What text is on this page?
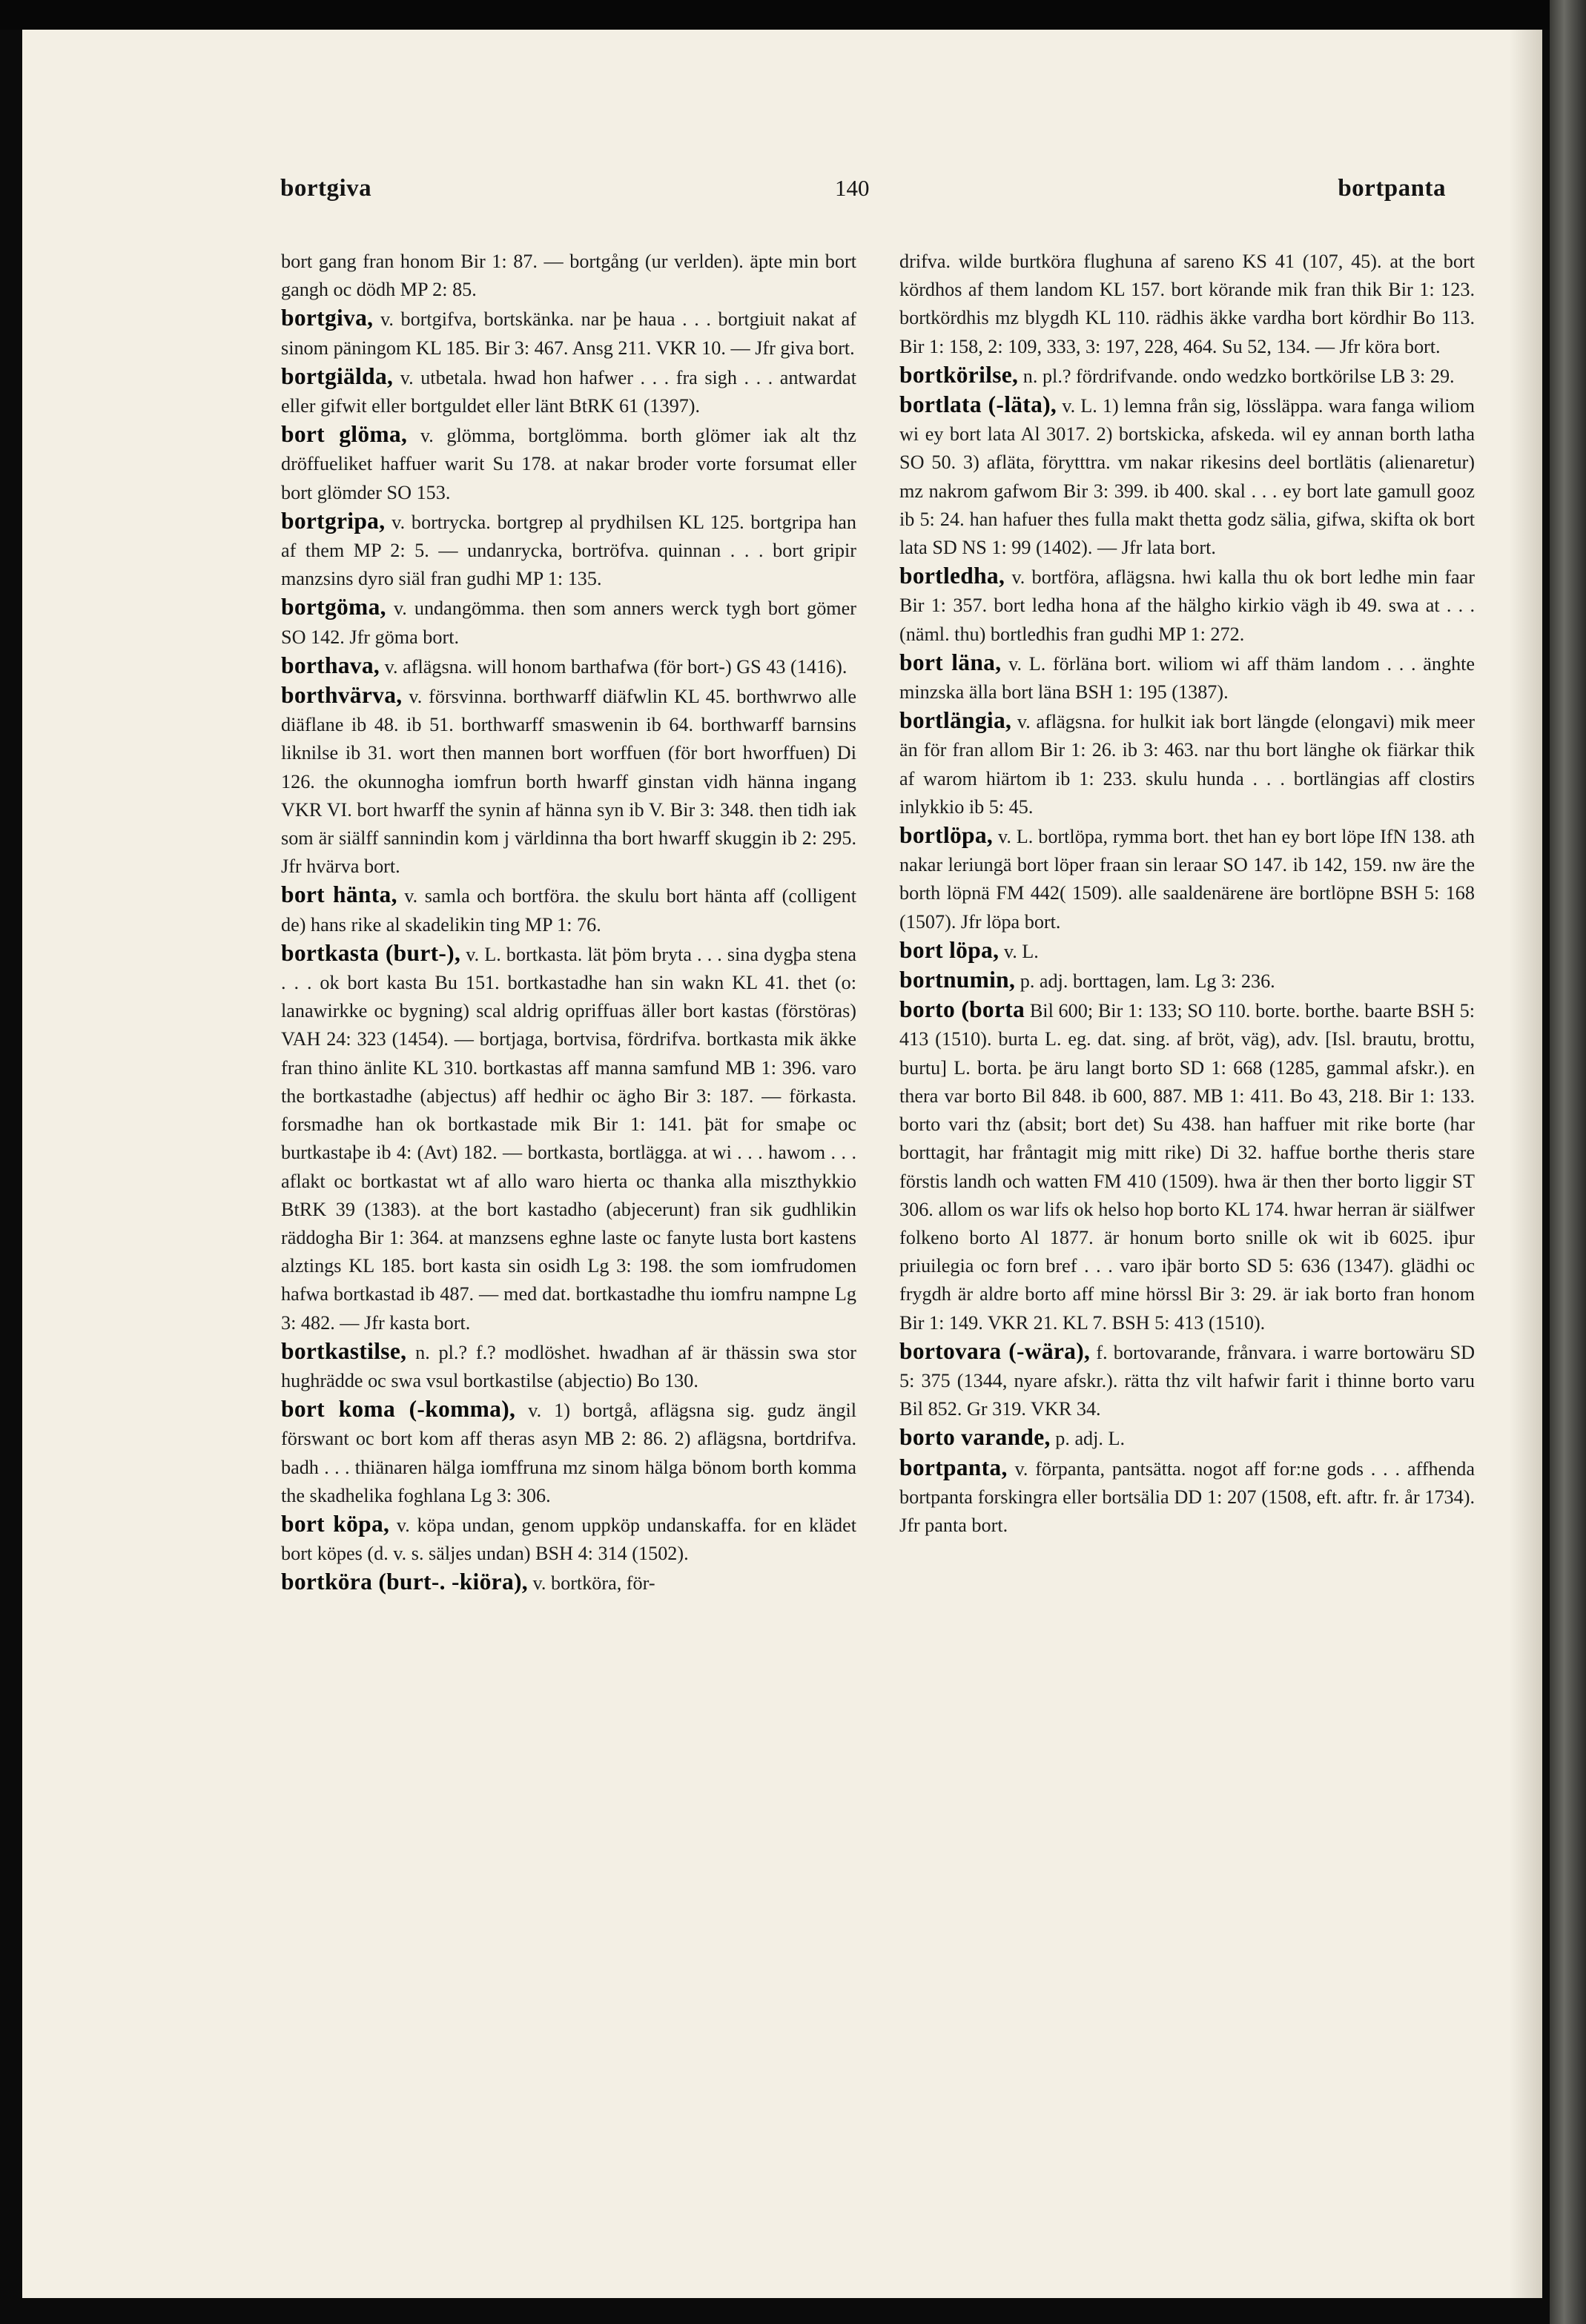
bortgiva	140	bortpanta

bort gang fran honom Bir 1: 87. — bortgång (ur verlden). äpte min bort gangh oc dödh MP 2: 85.

bortgiva, v. bortgifva, bortskänka. nar þe haua . . . bortgiuit nakat af sinom päningom KL 185. Bir 3: 467. Ansg 211. VKR 10. — Jfr giva bort.

bortgiälda, v. utbetala. hwad hon hafwer . . . fra sigh . . . antwardat eller gifwit eller bortguldet eller länt BtRK 61 (1397).

bort glöma, v. glömma, bortglömma. borth glömer iak alt thz dröffueliket haffuer warit Su 178. at nakar broder vorte forsumat eller bort glömder SO 153.

bortgripa, v. bortrycka. bortgrep al prydhilsen KL 125. bortgripa han af them MP 2: 5. — undanrycka, bortröfva. quinnan . . . bort gripir manzsins dyro siäl fran gudhi MP 1: 135.

bortgöma, v. undangömma. then som anners werck tygh bort gömer SO 142. Jfr göma bort.

borthava, v. aflägsna. will honom barthafwa (för bort-) GS 43 (1416).

borthvärva, v. försvinna. borthwarff diäfwlin KL 45. borthwrwo alle diäflane ib 48. ib 51. borthwarff smaswenin ib 64. borthwarff barnsins liknilse ib 31. wort then mannen bort worffuen (för bort hworffuen) Di 126. the okunnogha iomfrun borth hwarff ginstan vidh hänna ingang VKR VI. bort hwarff the synin af hänna syn ib V. Bir 3: 348. then tidh iak som är siälff sannindin kom j världinna tha bort hwarff skuggin ib 2: 295. Jfr hvärva bort.

bort hänta, v. samla och bortföra. the skulu bort hänta aff (colligent de) hans rike al skadelikin ting MP 1: 76.

bortkasta (burt-), v. L. bortkasta. lät þöm bryta . . . sina dygþa stena . . . ok bort kasta Bu 151. bortkastadhe han sin wakn KL 41. thet (o: lanawirkke oc bygning) scal aldrig opriffuas äller bort kastas (förstöras) VAH 24: 323 (1454). — bortjaga, bortvisa, fördrifva. bortkasta mik äkke fran thino änlite KL 310. bortkastas aff manna samfund MB 1: 396. varo the bortkastadhe (abjectus) aff hedhir oc ägho Bir 3: 187. — förkasta. forsmadhe han ok bortkastade mik Bir 1: 141. þät for smaþe oc burtkastaþe ib 4: (Avt) 182. — bortkasta, bortlägga. at wi . . . hawom . . . aflakt oc bortkastat wt af allo waro hierta oc thanka alla miszthykkio BtRK 39 (1383). at the bort kastadho (abjecerunt) fran sik gudhlikin räddogha Bir 1: 364. at manzsens eghne laste oc fanyte lusta bort kastens alztings KL 185. bort kasta sin osidh Lg 3: 198. the som iomfrudomen hafwa bortkastad ib 487. — med dat. bortkastadhe thu iomfru nampne Lg 3: 482. — Jfr kasta bort.

bortkastilse, n. pl.? f.? modlöshet. hwadhan af är thässin swa stor hughrädde oc swa vsul bortkastilse (abjectio) Bo 130.

bort koma (-komma), v. 1) bortgå, aflägsna sig. gudz ängil förswant oc bort kom aff theras asyn MB 2: 86. 2) aflägsna, bortdrifva. badh . . . thiänaren hälga iomffruna mz sinom hälga bönom borth komma the skadhelika foghlana Lg 3: 306.

bort köpa, v. köpa undan, genom uppköp undanskaffa. for en klädet bort köpes (d. v. s. säljes undan) BSH 4: 314 (1502).

bortköra (burt-. -kiöra), v. bortköra, för-

drifva. wilde burtköra flughuna af sareno KS 41 (107, 45). at the bort kördhos af them landom KL 157. bort körande mik fran thik Bir 1: 123. bortkördhis mz blygdh KL 110. rädhis äkke vardha bort kördhir Bo 113. Bir 1: 158, 2: 109, 333, 3: 197, 228, 464. Su 52, 134. — Jfr köra bort.

bortkörilse, n. pl.? fördrifvande. ondo wedzko bortkörilse LB 3: 29.

bortlata (-läta), v. L. 1) lemna från sig, lössläppa. wara fanga wiliom wi ey bort lata Al 3017. 2) bortskicka, afskeda. wil ey annan borth latha SO 50. 3) afläta, förytttra. vm nakar rikesins deel bortlätis (alienaretur) mz nakrom gafwom Bir 3: 399. ib 400. skal . . . ey bort late gamull gooz ib 5: 24. han hafuer thes fulla makt thetta godz sälia, gifwa, skifta ok bort lata SD NS 1: 99 (1402). — Jfr lata bort.

bortledha, v. bortföra, aflägsna. hwi kalla thu ok bort ledhe min faar Bir 1: 357. bort ledha hona af the hälgho kirkio vägh ib 49. swa at . . . (näml. thu) bortledhis fran gudhi MP 1: 272.

bort läna, v. L. förläna bort. wiliom wi aff thäm landom . . . änghte minzska älla bort läna BSH 1: 195 (1387).

bortlängia, v. aflägsna. for hulkit iak bort längde (elongavi) mik meer än för fran allom Bir 1: 26. ib 3: 463. nar thu bort länghe ok fiärkar thik af warom hiärtom ib 1: 233. skulu hunda . . . bortlängias aff clostirs inlykkio ib 5: 45.

bortlöpa, v. L. bortlöpa, rymma bort. thet han ey bort löpe IfN 138. ath nakar leriungä bort löper fraan sin leraar SO 147. ib 142, 159. nw äre the borth löpnä FM 442( 1509). alle saaldenärene äre bortlöpne BSH 5: 168 (1507). Jfr löpa bort.

bort löpa, v. L.

bortnumin, p. adj. borttagen, lam. Lg 3: 236.

borto (borta Bil 600; Bir 1: 133; SO 110. borte. borthe. baarte BSH 5: 413 (1510). burta L. eg. dat. sing. af bröt, väg), adv. [Isl. brautu, brottu, burtu] L. borta. þe äru langt borto SD 1: 668 (1285, gammal afskr.). en thera var borto Bil 848. ib 600, 887. MB 1: 411. Bo 43, 218. Bir 1: 133. borto vari thz (absit; bort det) Su 438. han haffuer mit rike borte (har borttagit, har fråntagit mig mitt rike) Di 32. haffue borthe theris stare förstis landh och watten FM 410 (1509). hwa är then ther borto liggir ST 306. allom os war lifs ok helso hop borto KL 174. hwar herran är siälfwer folkeno borto Al 1877. är honum borto snille ok wit ib 6025. iþur priuilegia oc forn bref . . . varo iþär borto SD 5: 636 (1347). glädhi oc frygdh är aldre borto aff mine hörssl Bir 3: 29. är iak borto fran honom Bir 1: 149. VKR 21. KL 7. BSH 5: 413 (1510).

bortovara (-wära), f. bortovarande, frånvara. i warre bortowäru SD 5: 375 (1344, nyare afskr.). rätta thz vilt hafwir farit i thinne borto varu Bil 852. Gr 319. VKR 34.

borto varande, p. adj. L.

bortpanta, v. förpanta, pantsätta. nogot aff for:ne gods . . . affhenda bortpanta forskingra eller bortsälia DD 1: 207 (1508, eft. aftr. fr. år 1734). Jfr panta bort.
